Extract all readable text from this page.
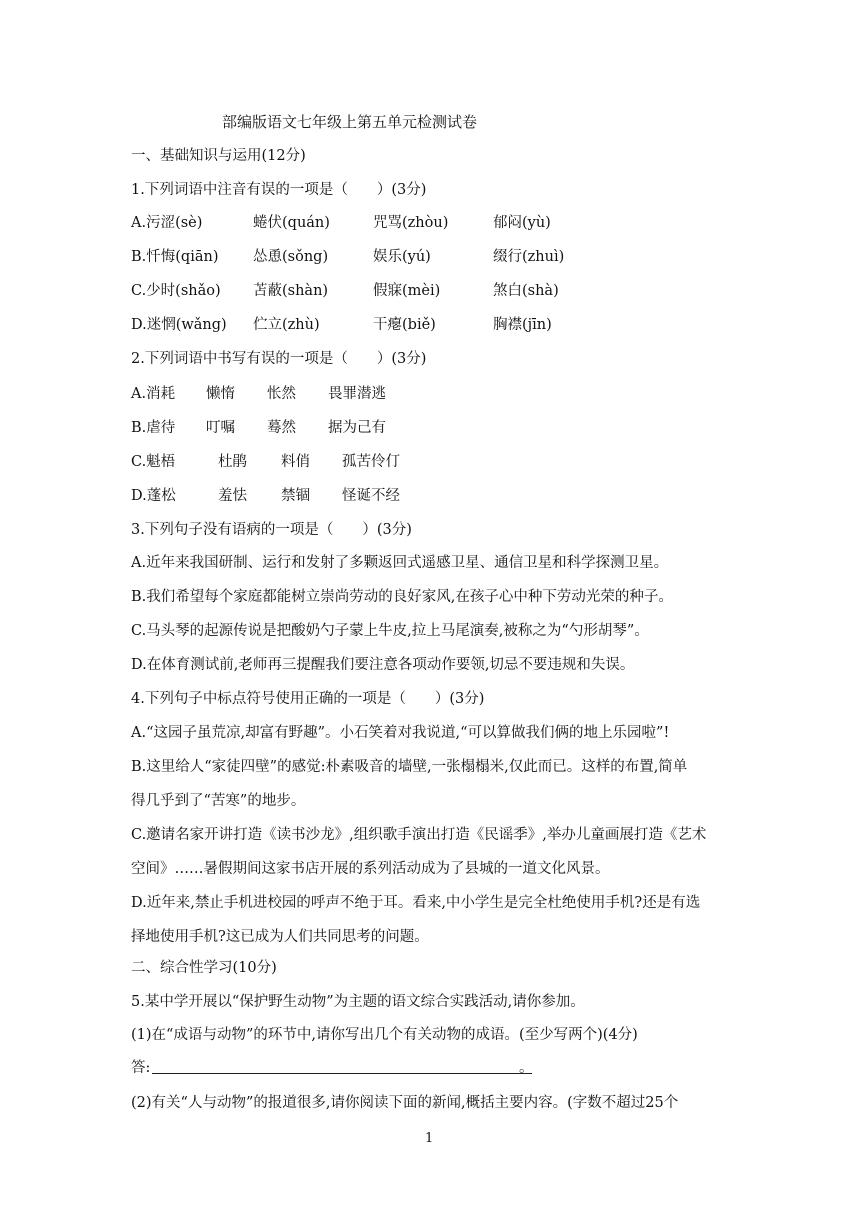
部编版语文七年级上第五单元检测试卷
一、基础知识与运用(12分)
1.下列词语中注音有误的一项是（　　）(3分)
A.污涩(sè)	蜷伏(quán)	咒骂(zhòu)	郁闷(yù)
B.忏悔(qiān) 怂恿(sǒng)	娱乐(yú)	缀行(zhuì)
C.少时(shǎo) 苫蔽(shàn)	假寐(mèi)	煞白(shà)
D.迷惘(wǎng) 伫立(zhù)	干瘪(biě)	胸襟(jīn)
2.下列词语中书写有误的一项是（　　）(3分)
A.消耗 懒惰 怅然 畏罪潜逃
B.虐待 叮嘱 蓦然 据为己有
C.魁梧	杜鹃 料俏 孤苦伶仃
D.蓬松	羞怯 禁锢 怪诞不经
3.下列句子没有语病的一项是（　　）(3分)
A.近年来我国研制、运行和发射了多颗返回式遥感卫星、通信卫星和科学探测卫星。
B.我们希望每个家庭都能树立崇尚劳动的良好家风,在孩子心中种下劳动光荣的种子。
C.马头琴的起源传说是把酸奶勺子蒙上牛皮,拉上马尾演奏,被称之为“勺形胡琴”。
D.在体育测试前,老师再三提醒我们要注意各项动作要领,切忌不要违规和失误。
4.下列句子中标点符号使用正确的一项是（　　）(3分)
A.“这园子虽荒凉,却富有野趣”。小石笑着对我说道,“可以算做我们俩的地上乐园啦”!
B.这里给人“家徒四壁”的感觉:朴素吸音的墙壁,一张榻榻米,仅此而已。这样的布置,简单
得几乎到了“苦寒”的地步。
C.邀请名家开讲打造《读书沙龙》,组织歌手演出打造《民谣季》,举办儿童画展打造《艺术
空间》……暑假期间这家书店开展的系列活动成为了县城的一道文化风景。
D.近年来,禁止手机进校园的呼声不绝于耳。看来,中小学生是完全杜绝使用手机?还是有选
择地使用手机?这已成为人们共同思考的问题。
二、综合性学习(10分)
5.某中学开展以“保护野生动物”为主题的语文综合实践活动,请你参加。
(1)在“成语与动物”的环节中,请你写出几个有关动物的成语。(至少写两个)(4分)
答:	。
(2)有关“人与动物”的报道很多,请你阅读下面的新闻,概括主要内容。(字数不超过25个
1
